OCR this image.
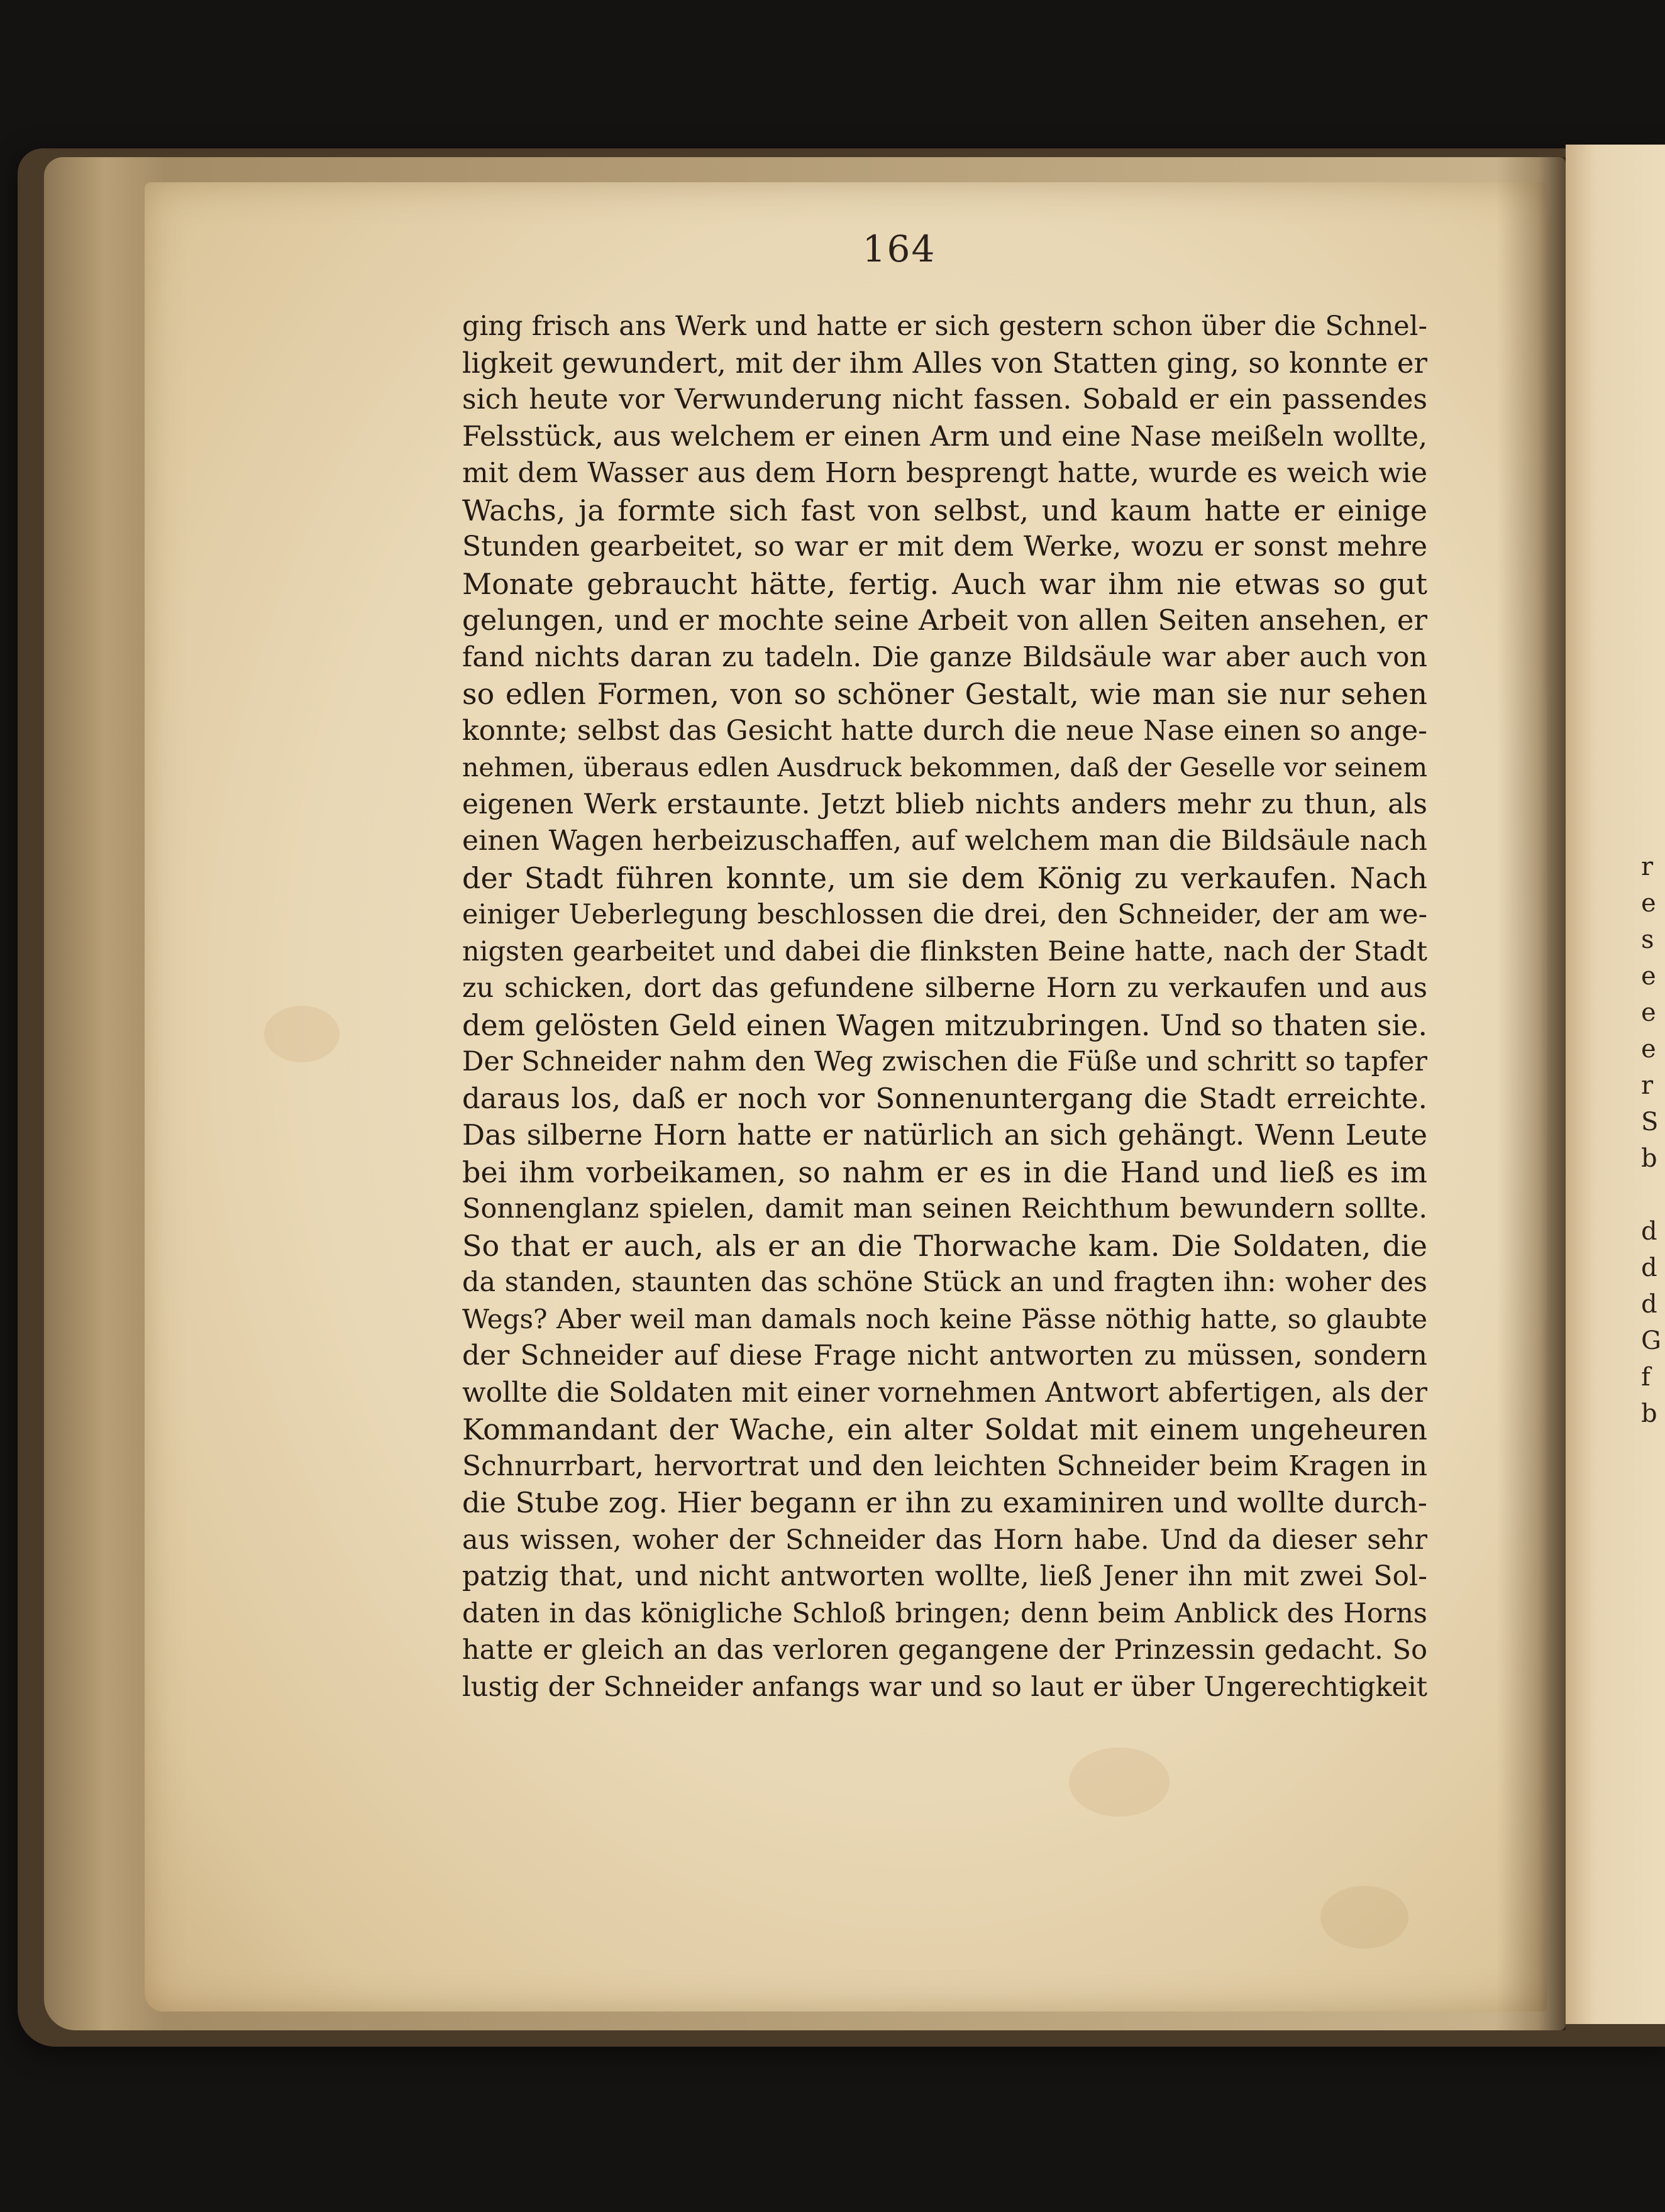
r
e
s
e
e
e
r
S
b
d
d
d
G
f
b
164
ging frisch ans Werk und hatte er sich gestern schon über die Schnel-
ligkeit gewundert, mit der ihm Alles von Statten ging, so konnte er
sich heute vor Verwunderung nicht fassen. Sobald er ein passendes
Felsstück, aus welchem er einen Arm und eine Nase meißeln wollte,
mit dem Wasser aus dem Horn besprengt hatte, wurde es weich wie
Wachs, ja formte sich fast von selbst, und kaum hatte er einige
Stunden gearbeitet, so war er mit dem Werke, wozu er sonst mehre
Monate gebraucht hätte, fertig. Auch war ihm nie etwas so gut
gelungen, und er mochte seine Arbeit von allen Seiten ansehen, er
fand nichts daran zu tadeln. Die ganze Bildsäule war aber auch von
so edlen Formen, von so schöner Gestalt, wie man sie nur sehen
konnte; selbst das Gesicht hatte durch die neue Nase einen so ange-
nehmen, überaus edlen Ausdruck bekommen, daß der Geselle vor seinem
eigenen Werk erstaunte. Jetzt blieb nichts anders mehr zu thun, als
einen Wagen herbeizuschaffen, auf welchem man die Bildsäule nach
der Stadt führen konnte, um sie dem König zu verkaufen. Nach
einiger Ueberlegung beschlossen die drei, den Schneider, der am we-
nigsten gearbeitet und dabei die flinksten Beine hatte, nach der Stadt
zu schicken, dort das gefundene silberne Horn zu verkaufen und aus
dem gelösten Geld einen Wagen mitzubringen. Und so thaten sie.
Der Schneider nahm den Weg zwischen die Füße und schritt so tapfer
daraus los, daß er noch vor Sonnenuntergang die Stadt erreichte.
Das silberne Horn hatte er natürlich an sich gehängt. Wenn Leute
bei ihm vorbeikamen, so nahm er es in die Hand und ließ es im
Sonnenglanz spielen, damit man seinen Reichthum bewundern sollte.
So that er auch, als er an die Thorwache kam. Die Soldaten, die
da standen, staunten das schöne Stück an und fragten ihn: woher des
Wegs? Aber weil man damals noch keine Pässe nöthig hatte, so glaubte
der Schneider auf diese Frage nicht antworten zu müssen, sondern
wollte die Soldaten mit einer vornehmen Antwort abfertigen, als der
Kommandant der Wache, ein alter Soldat mit einem ungeheuren
Schnurrbart, hervortrat und den leichten Schneider beim Kragen in
die Stube zog. Hier begann er ihn zu examiniren und wollte durch-
aus wissen, woher der Schneider das Horn habe. Und da dieser sehr
patzig that, und nicht antworten wollte, ließ Jener ihn mit zwei Sol-
daten in das königliche Schloß bringen; denn beim Anblick des Horns
hatte er gleich an das verloren gegangene der Prinzessin gedacht. So
lustig der Schneider anfangs war und so laut er über Ungerechtigkeit
